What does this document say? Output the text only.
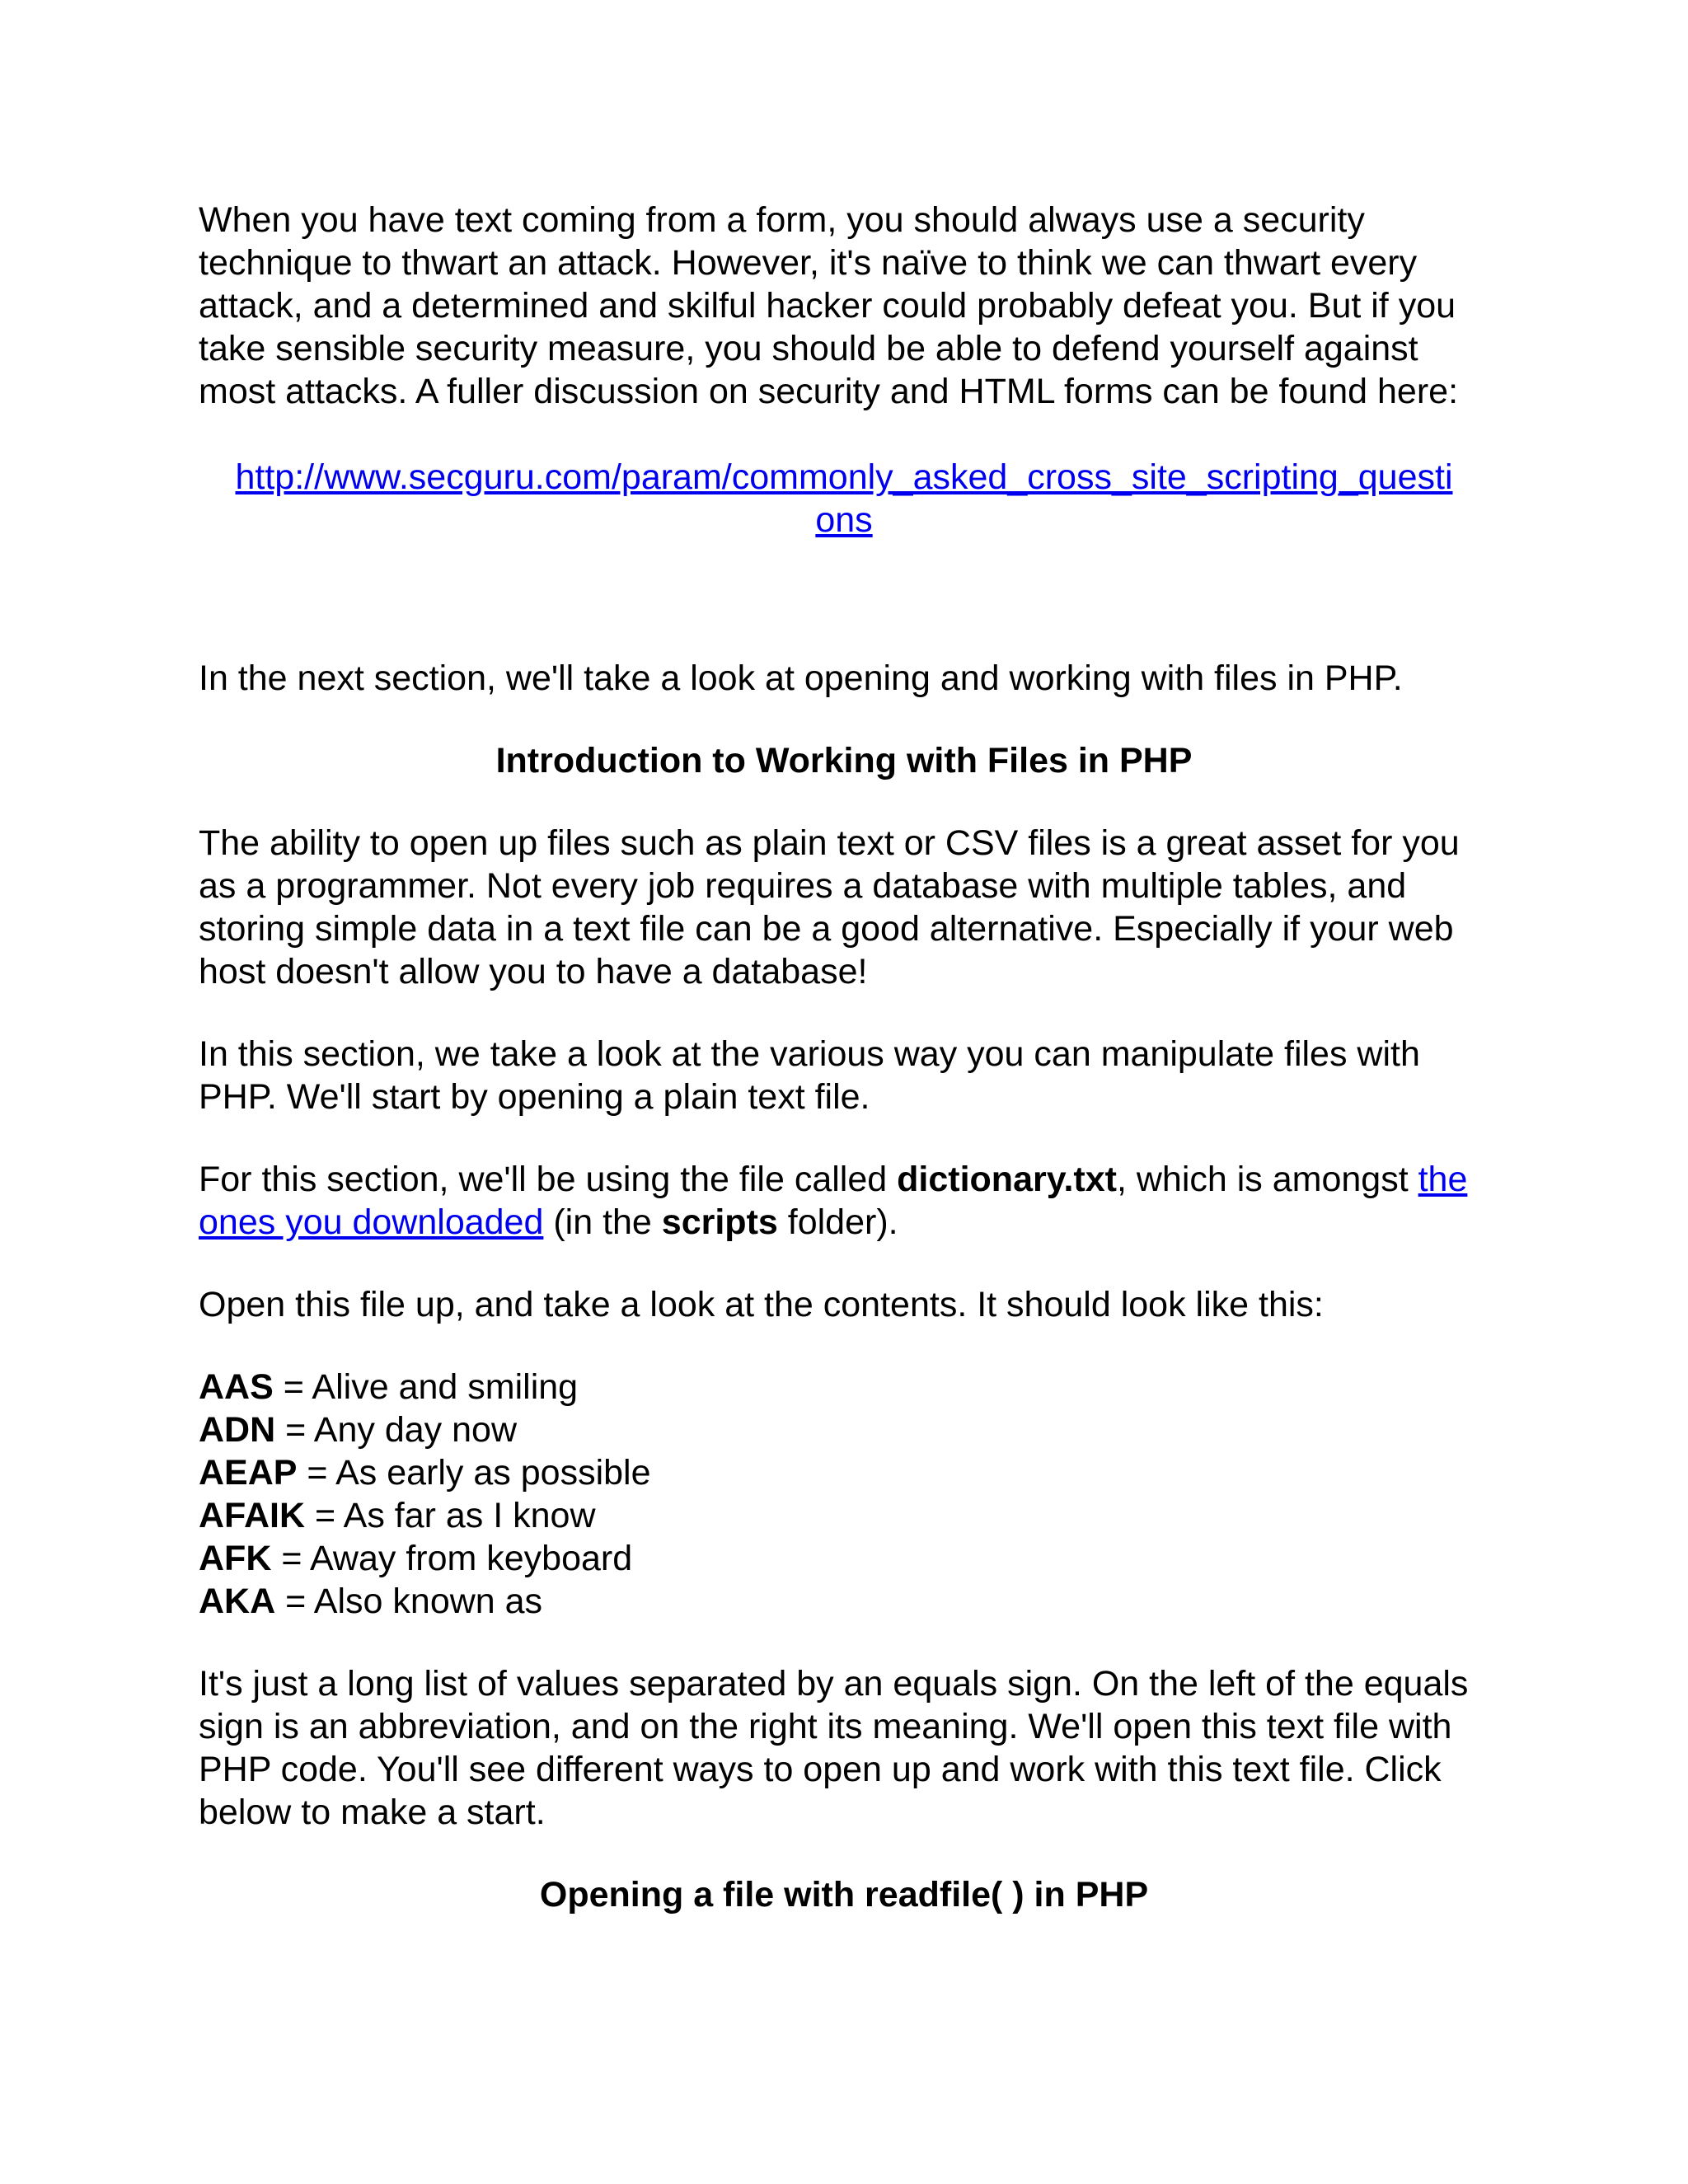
When you have text coming from a form, you should always use a security technique to thwart an attack. However, it's naïve to think we can thwart every attack, and a determined and skilful hacker could probably defeat you. But if you take sensible security measure, you should be able to defend yourself against most attacks. A fuller discussion on security and HTML forms can be found here:

http://www.secguru.com/param/commonly_asked_cross_site_scripting_questi
ons

In the next section, we'll take a look at opening and working with files in PHP.

Introduction to Working with Files in PHP

The ability to open up files such as plain text or CSV files is a great asset for you as a programmer. Not every job requires a database with multiple tables, and storing simple data in a text file can be a good alternative. Especially if your web host doesn't allow you to have a database!

In this section, we take a look at the various way you can manipulate files with PHP. We'll start by opening a plain text file.

For this section, we'll be using the file called dictionary.txt, which is amongst the ones you downloaded (in the scripts folder).

Open this file up, and take a look at the contents. It should look like this:

AAS = Alive and smiling

ADN = Any day now

AEAP = As early as possible

AFAIK = As far as I know

AFK = Away from keyboard

AKA = Also known as

It's just a long list of values separated by an equals sign. On the left of the equals sign is an abbreviation, and on the right its meaning. We'll open this text file with PHP code. You'll see different ways to open up and work with this text file. Click below to make a start.

Opening a file with readfile( ) in PHP
